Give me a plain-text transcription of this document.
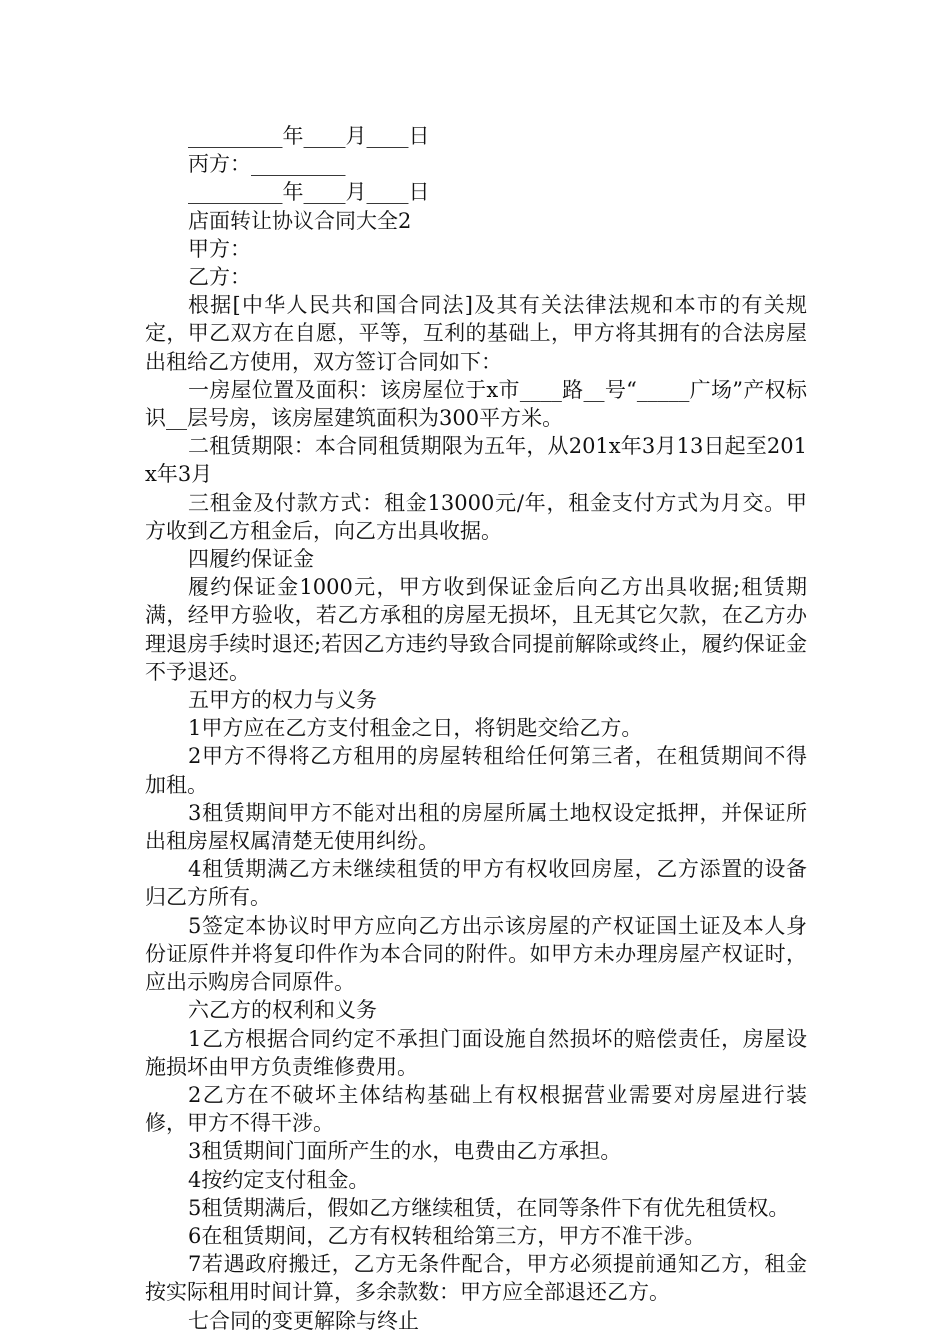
_________年____月____日

丙方：_________

_________年____月____日

店面转让协议合同大全2

甲方：

乙方：

根据[中华人民共和国合同法]及其有关法律法规和本市的有关规定，甲乙双方在自愿，平等，互利的基础上，甲方将其拥有的合法房屋出租给乙方使用，双方签订合同如下：

一房屋位置及面积：该房屋位于x市____路__号“_____广场”产权标识__层号房，该房屋建筑面积为300平方米。

二租赁期限：本合同租赁期限为五年，从201x年3月13日起至201x年3月

三租金及付款方式：租金13000元/年，租金支付方式为月交。甲方收到乙方租金后，向乙方出具收据。

四履约保证金

履约保证金1000元，甲方收到保证金后向乙方出具收据;租赁期满，经甲方验收，若乙方承租的房屋无损坏，且无其它欠款，在乙方办理退房手续时退还;若因乙方违约导致合同提前解除或终止，履约保证金不予退还。

五甲方的权力与义务

1甲方应在乙方支付租金之日，将钥匙交给乙方。

2甲方不得将乙方租用的房屋转租给任何第三者，在租赁期间不得加租。

3租赁期间甲方不能对出租的房屋所属土地权设定抵押，并保证所出租房屋权属清楚无使用纠纷。

4租赁期满乙方未继续租赁的甲方有权收回房屋，乙方添置的设备归乙方所有。

5签定本协议时甲方应向乙方出示该房屋的产权证国土证及本人身份证原件并将复印件作为本合同的附件。如甲方未办理房屋产权证时，应出示购房合同原件。

六乙方的权利和义务

1乙方根据合同约定不承担门面设施自然损坏的赔偿责任，房屋设施损坏由甲方负责维修费用。

2乙方在不破坏主体结构基础上有权根据营业需要对房屋进行装修，甲方不得干涉。

3租赁期间门面所产生的水，电费由乙方承担。

4按约定支付租金。

5租赁期满后，假如乙方继续租赁，在同等条件下有优先租赁权。

6在租赁期间，乙方有权转租给第三方，甲方不准干涉。

7若遇政府搬迁，乙方无条件配合，甲方必须提前通知乙方，租金按实际租用时间计算，多余款数：甲方应全部退还乙方。

七合同的变更解除与终止
